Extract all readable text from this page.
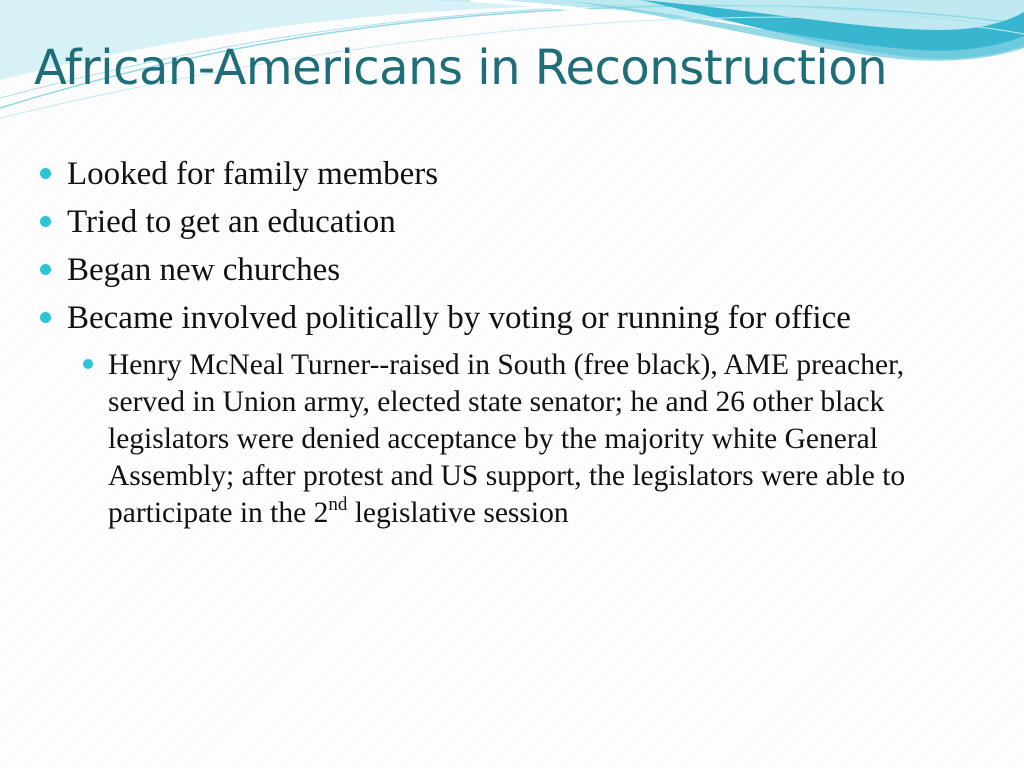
African-Americans in Reconstruction
Looked for family members
Tried to get an education
Began new churches
Became involved politically by voting or running for office
Henry McNeal Turner--raised in South (free black), AME preacher, served in Union army, elected state senator; he and 26 other black legislators were denied acceptance by the majority white General Assembly; after protest and US support, the legislators were able to participate in the 2nd legislative session
